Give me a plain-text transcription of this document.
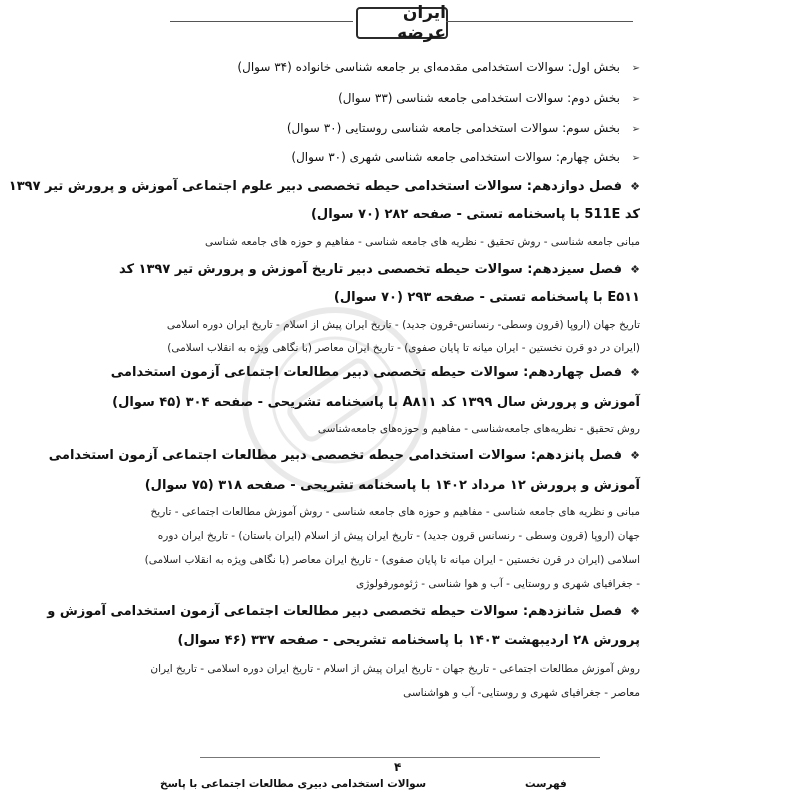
ایران عرضه
➢بخش اول: سوالات استخدامی مقدمه‌ای بر جامعه شناسی خانواده (۳۴ سوال)
➢بخش دوم: سوالات استخدامی جامعه شناسی (۳۳ سوال)
➢بخش سوم: سوالات استخدامی جامعه شناسی روستایی (۳۰ سوال)
➢بخش چهارم: سوالات استخدامی جامعه شناسی شهری (۳۰ سوال)
❖فصل دوازدهم: سوالات استخدامی حیطه تخصصی دبیر علوم اجتماعی آموزش و پرورش تیر ۱۳۹۷
کد 511E با پاسخنامه تستی - صفحه ۲۸۲ (۷۰ سوال)
مبانی جامعه شناسی - روش تحقیق - نظریه های جامعه شناسی - مفاهیم و حوزه های جامعه شناسی
❖فصل سیزدهم: سوالات حیطه تخصصی دبیر تاریخ آموزش و پرورش تیر ۱۳۹۷ کد
E۵۱۱ با پاسخنامه تستی - صفحه ۲۹۳ (۷۰ سوال)
تاریخ جهان (اروپا (قرون وسطی- رنسانس-قرون جدید) - تاریخ ایران پیش از اسلام - تاریخ ایران دوره اسلامی
(ایران در دو قرن نخستین - ایران میانه تا پایان صفوی) - تاریخ ایران معاصر (با نگاهی ویژه به انقلاب اسلامی)
❖فصل چهاردهم: سوالات حیطه تخصصی دبیر مطالعات اجتماعی آزمون استخدامی
آموزش و پرورش سال ۱۳۹۹ کد A۸۱۱ با پاسخنامه تشریحی - صفحه ۳۰۴ (۴۵ سوال)
روش تحقیق - نظریه‌های جامعه‌شناسی - مفاهیم و حوزه‌های جامعه‌شناسی
❖فصل پانزدهم: سوالات استخدامی حیطه تخصصی دبیر مطالعات اجتماعی آزمون استخدامی
آموزش و پرورش ۱۲ مرداد ۱۴۰۲ با پاسخنامه تشریحی - صفحه ۳۱۸ (۷۵ سوال)
مبانی و نظریه های جامعه شناسی - مفاهیم و حوزه های جامعه شناسی - روش آموزش مطالعات اجتماعی - تاریخ
جهان (اروپا (قرون وسطی - رنسانس قرون جدید) - تاریخ ایران پیش از اسلام (ایران باستان) - تاریخ ایران دوره
اسلامی (ایران در قرن نخستین - ایران میانه تا پایان صفوی) - تاریخ ایران معاصر (با نگاهی ویژه به انقلاب اسلامی)
- جغرافیای شهری و روستایی - آب و هوا شناسی - ژئومورفولوژی
❖فصل شانزدهم: سوالات حیطه تخصصی دبیر مطالعات اجتماعی آزمون استخدامی آموزش و
پرورش ۲۸ اردیبهشت ۱۴۰۳ با پاسخنامه تشریحی - صفحه ۳۳۷ (۴۶ سوال)
روش آموزش مطالعات اجتماعی - تاریخ جهان - تاریخ ایران پیش از اسلام - تاریخ ایران دوره اسلامی - تاریخ ایران
معاصر - جغرافیای شهری و روستایی- آب و هواشناسی
۴
سوالات استخدامی دبیری مطالعات اجتماعی با پاسخ	فهرست
